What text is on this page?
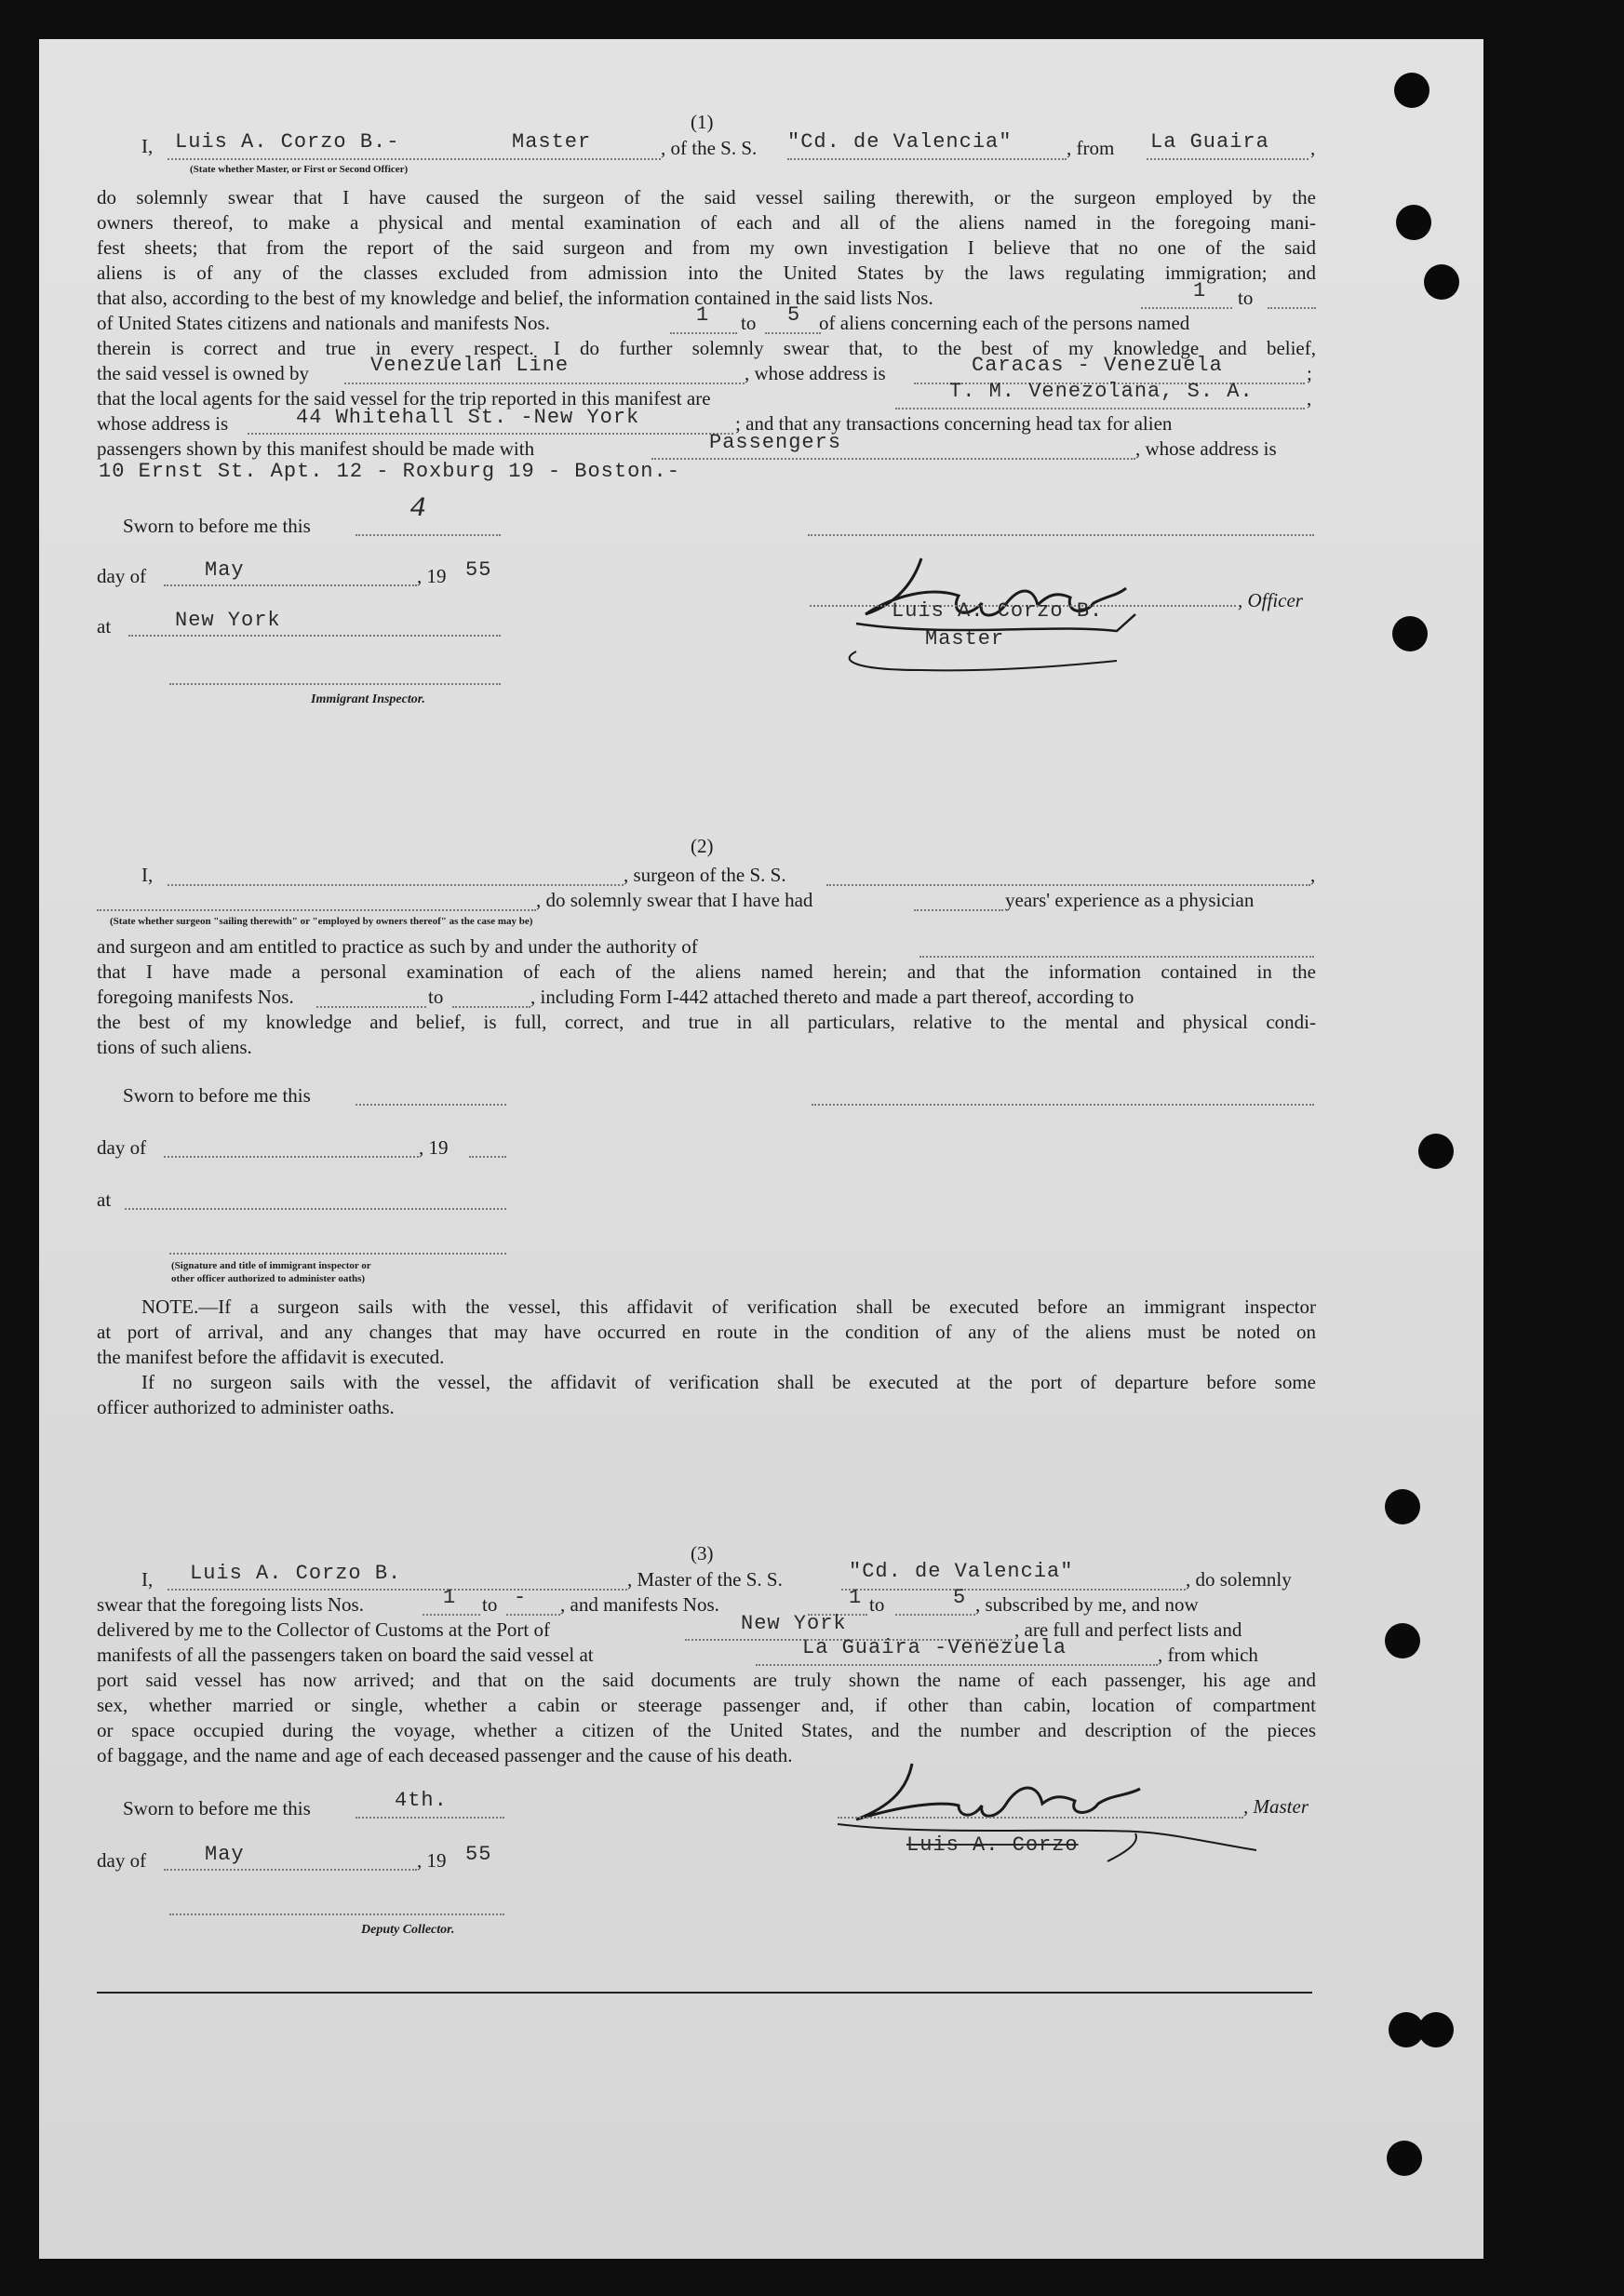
(1)
I, Luis A. Corzo B.-	Master	, of the S. S. "Cd. de Valencia"	, from La Guaira ,
(State whether Master, or First or Second Officer)
do solemnly swear that I have caused the surgeon of the said vessel sailing therewith, or the surgeon employed by the
owners thereof, to make a physical and mental examination of each and all of the aliens named in the foregoing mani-
fest sheets; that from the report of the said surgeon and from my own investigation I believe that no one of the said
aliens is of any of the classes excluded from admission into the United States by the laws regulating immigration; and
that also, according to the best of my knowledge and belief, the information contained in the said lists Nos.	1 to
of United States citizens and nationals and manifests Nos.	1 to 5 of aliens concerning each of the persons named
therein is correct and true in every respect. I do further solemnly swear that, to the best of my knowledge and belief,
the said vessel is owned by	Venezuelan Line	, whose address is	Caracas - Venezuela	;
that the local agents for the said vessel for the trip reported in this manifest are	T. M. Venezolana, S. A.	,
whose address is	44 Whitehall St. -New York	; and that any transactions concerning head tax for alien
passengers shown by this manifest should be made with	Passengers	, whose address is
10 Ernst St. Apt. 12 - Roxburg 19 - Boston.-
Sworn to before me this
4
day of	May	, 19 55
at	New York
Immigrant Inspector.
Luis A. Corzo B.
Master
, Officer
(2)
I,	, surgeon of the S. S.	,
, do solemnly swear that I have had	years' experience as a physician
(State whether surgeon "sailing therewith" or "employed by owners thereof" as the case may be)
and surgeon and am entitled to practice as such by and under the authority of
that I have made a personal examination of each of the aliens named herein; and that the information contained in the
foregoing manifests Nos.	to	, including Form I-442 attached thereto and made a part thereof, according to
the best of my knowledge and belief, is full, correct, and true in all particulars, relative to the mental and physical condi-
tions of such aliens.
Sworn to before me this
day of	, 19
at
(Signature and title of immigrant inspector or
other officer authorized to administer oaths)
NOTE.—If a surgeon sails with the vessel, this affidavit of verification shall be executed before an immigrant inspector
at port of arrival, and any changes that may have occurred en route in the condition of any of the aliens must be noted on
the manifest before the affidavit is executed.
If no surgeon sails with the vessel, the affidavit of verification shall be executed at the port of departure before some
officer authorized to administer oaths.
(3)
I, Luis A. Corzo B.	, Master of the S. S.	"Cd. de Valencia"	, do solemnly
swear that the foregoing lists Nos.	1 to - , and manifests Nos.	1 to	5 , subscribed by me, and now
delivered by me to the Collector of Customs at the Port of	New York	, are full and perfect lists and
manifests of all the passengers taken on board the said vessel at	La Guaira -Venezuela	, from which
port said vessel has now arrived; and that on the said documents are truly shown the name of each passenger, his age and
sex, whether married or single, whether a cabin or steerage passenger and, if other than cabin, location of compartment
or space occupied during the voyage, whether a citizen of the United States, and the number and description of the pieces
of baggage, and the name and age of each deceased passenger and the cause of his death.
Sworn to before me this	4th.
day of	May	, 19 55
Deputy Collector.
, Master
Luis A. Corzo
